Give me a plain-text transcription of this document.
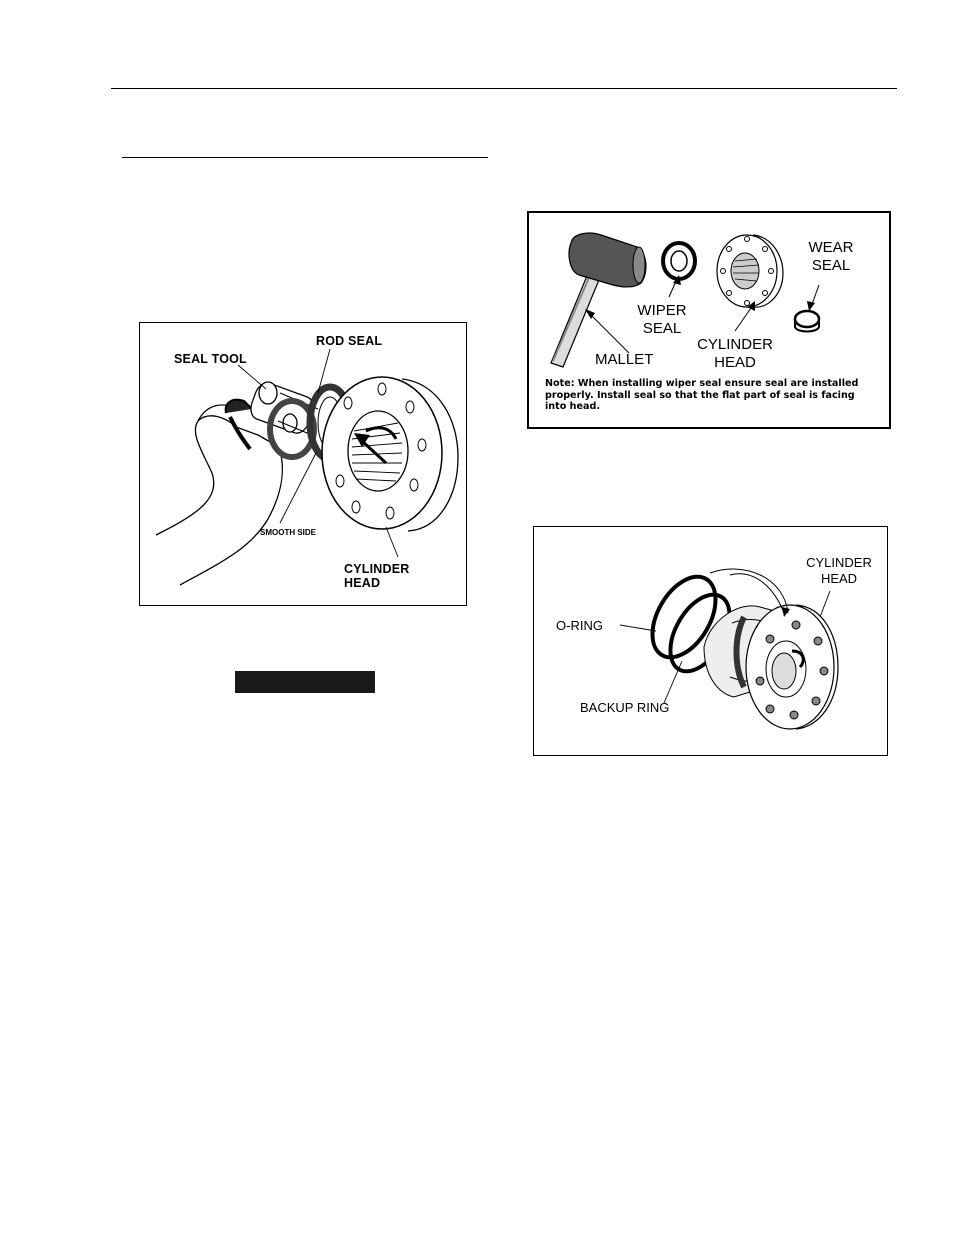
SEAL TOOL
ROD SEAL
SMOOTH SIDE
CYLINDER
HEAD
MALLET
WIPER
SEAL
CYLINDER
HEAD
WEAR
SEAL
Note: When installing wiper seal ensure seal are installed properly. Install seal so that the flat part of seal is facing into head.
O-RING
BACKUP RING
CYLINDER
HEAD
